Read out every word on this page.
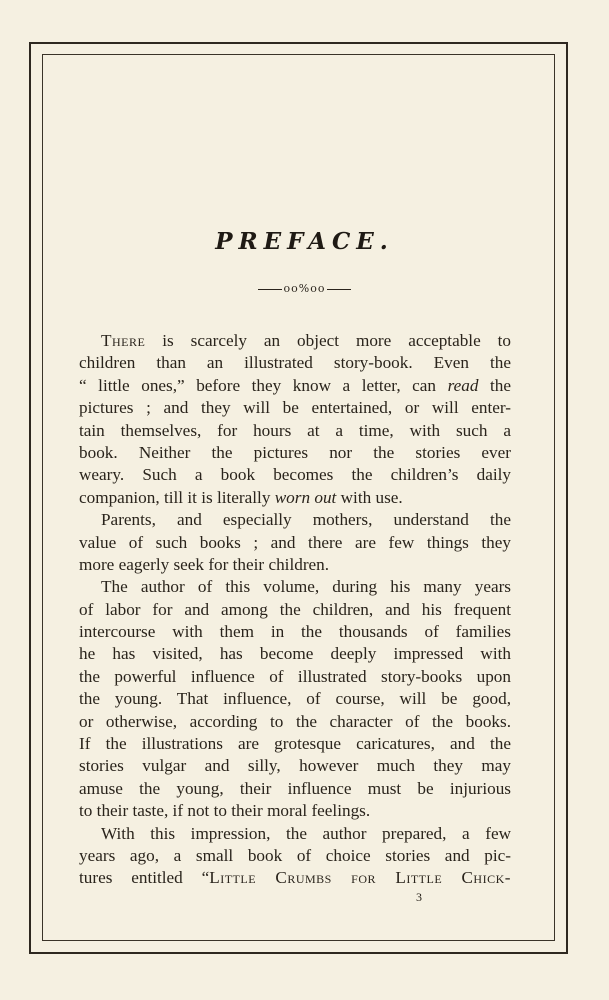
PREFACE.
oo%oo
There is scarcely an object more acceptable to
children than an illustrated story-book. Even the
“ little ones,” before they know a letter, can read the
pictures ; and they will be entertained, or will enter-
tain themselves, for hours at a time, with such a
book. Neither the pictures nor the stories ever
weary. Such a book becomes the children’s daily
companion, till it is literally worn out with use.
Parents, and especially mothers, understand the
value of such books ; and there are few things they
more eagerly seek for their children.
The author of this volume, during his many years
of labor for and among the children, and his frequent
intercourse with them in the thousands of families
he has visited, has become deeply impressed with
the powerful influence of illustrated story-books upon
the young. That influence, of course, will be good,
or otherwise, according to the character of the books.
If the illustrations are grotesque caricatures, and the
stories vulgar and silly, however much they may
amuse the young, their influence must be injurious
to their taste, if not to their moral feelings.
With this impression, the author prepared, a few
years ago, a small book of choice stories and pic-
tures entitled “Little Crumbs for Little Chick-
3
